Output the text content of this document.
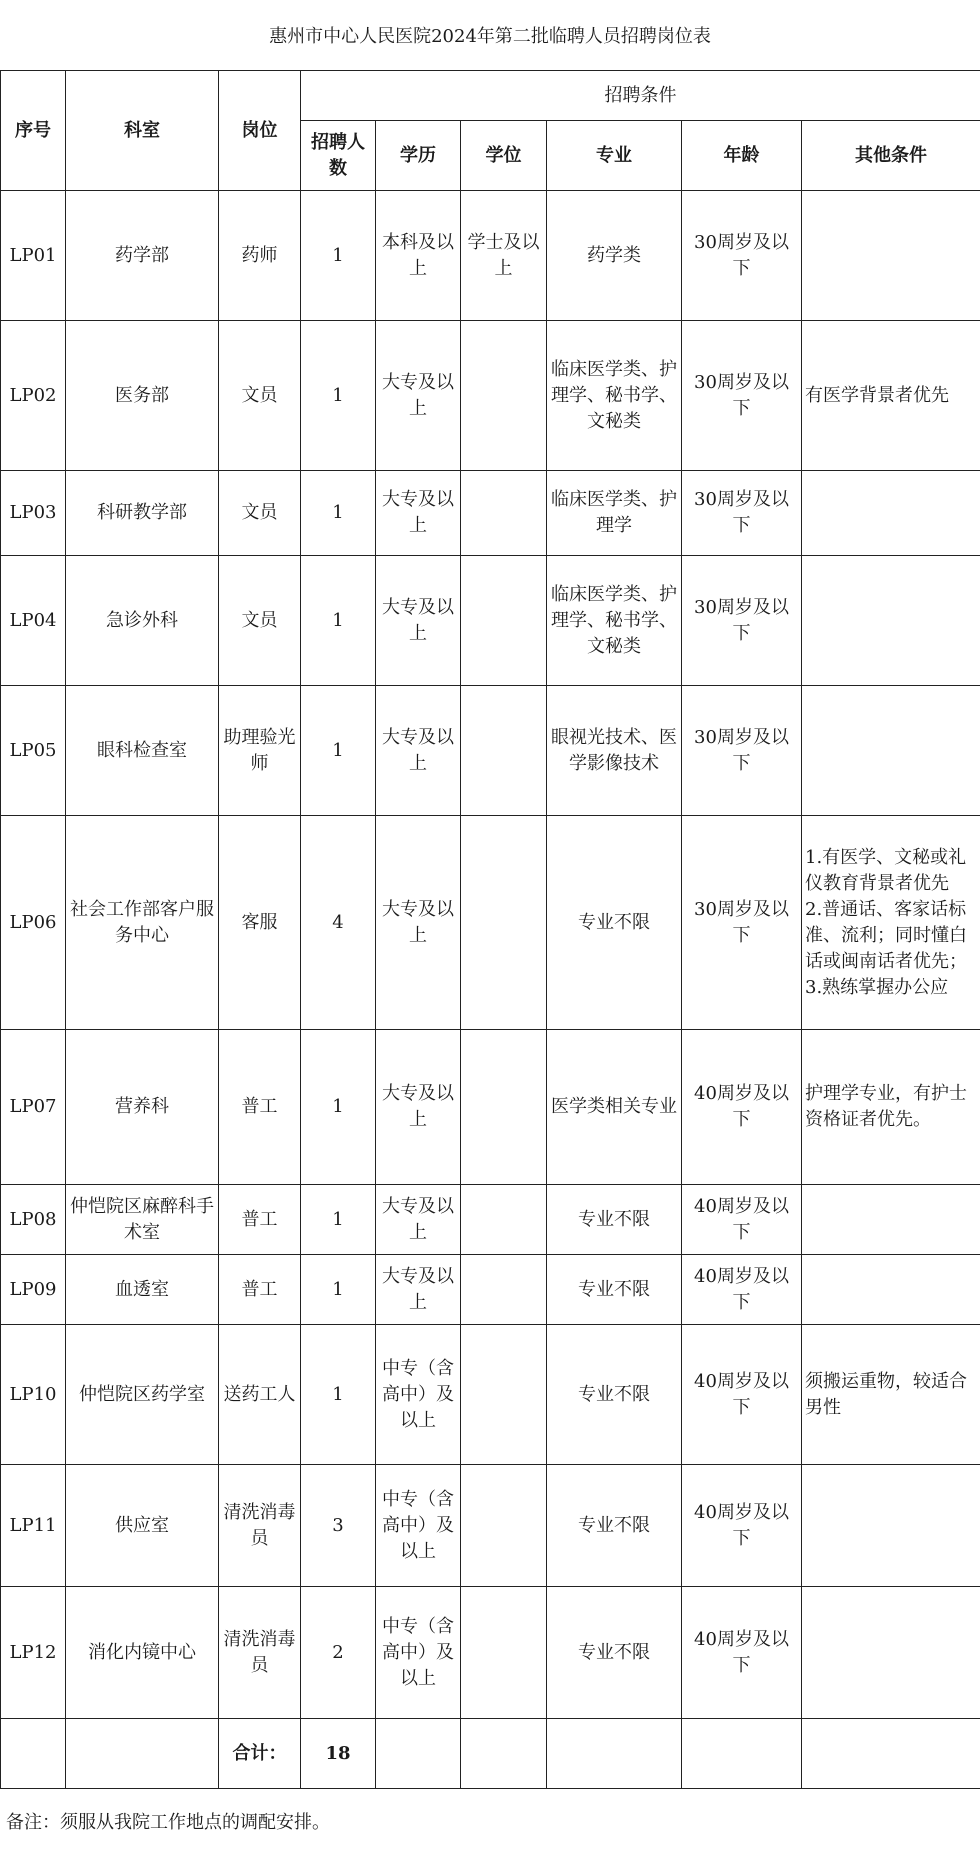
惠州市中心人民医院2024年第二批临聘人员招聘岗位表
序号	科室	岗位	招聘条件					
			招聘人数	学历	学位	专业	年龄	其他条件
LP01	药学部	药师	1	本科及以上	学士及以上	药学类	30周岁及以下	

LP02	医务部	文员	1	大专及以上		临床医学类、护理学、秘书学、文秘类	30周岁及以下	有医学背景者优先

LP03	科研教学部	文员	1	大专及以上		临床医学类、护理学	30周岁及以下	

LP04	急诊外科	文员	1	大专及以上		临床医学类、护理学、秘书学、文秘类	30周岁及以下	

LP05	眼科检查室	助理验光师	1	大专及以上		眼视光技术、医学影像技术	30周岁及以下	

LP06	社会工作部客户服务中心	客服	4	大专及以上		专业不限	30周岁及以下	1.有医学、文秘或礼仪教育背景者优先
2.普通话、客家话标准、流利；同时懂白话或闽南话者优先；
3.熟练掌握办公应

LP07	营养科	普工	1	大专及以上		医学类相关专业	40周岁及以下	护理学专业，有护士资格证者优先。

LP08	仲恺院区麻醉科手术室	普工	1	大专及以上		专业不限	40周岁及以下	

LP09	血透室	普工	1	大专及以上		专业不限	40周岁及以下	

LP10	仲恺院区药学室	送药工人	1	中专（含高中）及以上		专业不限	40周岁及以下	须搬运重物，较适合男性

LP11	供应室	清洗消毒员	3	中专（含高中）及以上		专业不限	40周岁及以下	

LP12	消化内镜中心	清洗消毒员	2	中专（含高中）及以上		专业不限	40周岁及以下	

		合计：	18					
备注：须服从我院工作地点的调配安排。
